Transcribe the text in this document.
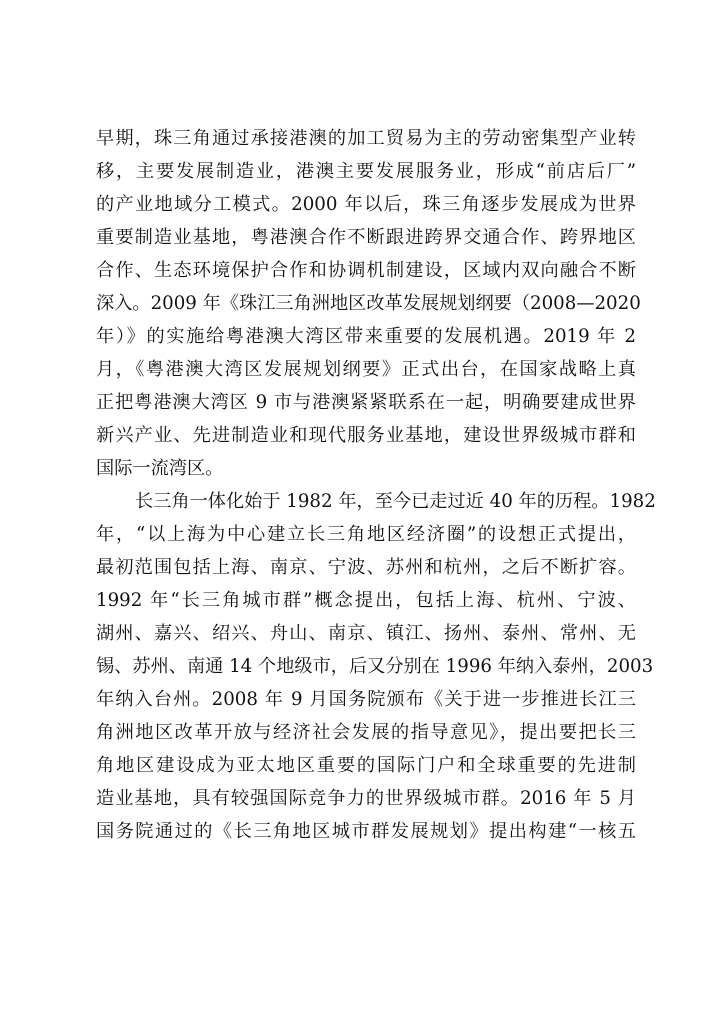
早期，珠三角通过承接港澳的加工贸易为主的劳动密集型产业转
移，主要发展制造业，港澳主要发展服务业，形成“前店后厂”
的产业地域分工模式。2000 年以后，珠三角逐步发展成为世界
重要制造业基地，粤港澳合作不断跟进跨界交通合作、跨界地区
合作、生态环境保护合作和协调机制建设，区域内双向融合不断
深入。2009 年《珠江三角洲地区改革发展规划纲要（2008—2020
年）》的实施给粤港澳大湾区带来重要的发展机遇。2019 年 2
月，《粤港澳大湾区发展规划纲要》正式出台，在国家战略上真
正把粤港澳大湾区 9 市与港澳紧紧联系在一起，明确要建成世界
新兴产业、先进制造业和现代服务业基地，建设世界级城市群和
国际一流湾区。
长三角一体化始于 1982 年，至今已走过近 40 年的历程。1982
年，“以上海为中心建立长三角地区经济圈”的设想正式提出，
最初范围包括上海、南京、宁波、苏州和杭州，之后不断扩容。
1992 年“长三角城市群”概念提出，包括上海、杭州、宁波、
湖州、嘉兴、绍兴、舟山、南京、镇江、扬州、泰州、常州、无
锡、苏州、南通 14 个地级市，后又分别在 1996 年纳入泰州，2003
年纳入台州。2008 年 9 月国务院颁布《关于进一步推进长江三
角洲地区改革开放与经济社会发展的指导意见》，提出要把长三
角地区建设成为亚太地区重要的国际门户和全球重要的先进制
造业基地，具有较强国际竞争力的世界级城市群。2016 年 5 月
国务院通过的《长三角地区城市群发展规划》提出构建“一核五
